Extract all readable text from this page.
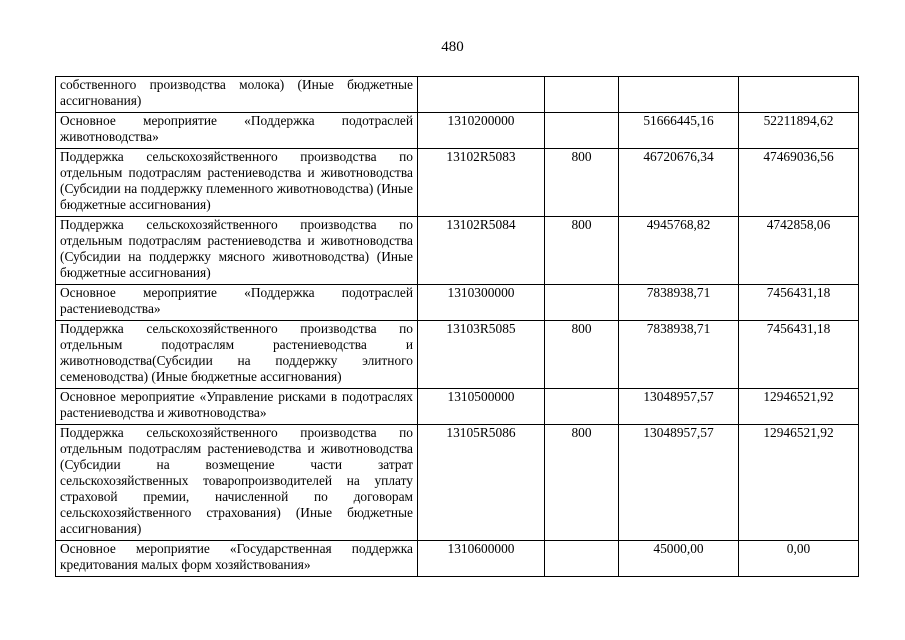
480
собственного производства молока) (Иные бюджетные ассигнования)				
Основное мероприятие «Поддержка подотраслей животноводства»	1310200000		51666445,16	52211894,62
Поддержка сельскохозяйственного производства по отдельным подотраслям растениеводства и животноводства (Субсидии на поддержку племенного животноводства) (Иные бюджетные ассигнования)	13102R5083	800	46720676,34	47469036,56
Поддержка сельскохозяйственного производства по отдельным подотраслям растениеводства и животноводства (Субсидии на поддержку мясного животноводства) (Иные бюджетные ассигнования)	13102R5084	800	4945768,82	4742858,06
Основное мероприятие «Поддержка подотраслей растениеводства»	1310300000		7838938,71	7456431,18
Поддержка сельскохозяйственного производства по отдельным подотраслям растениеводства и животноводства(Субсидии на поддержку элитного семеноводства) (Иные бюджетные ассигнования)	13103R5085	800	7838938,71	7456431,18
Основное мероприятие «Управление рисками в подотраслях растениеводства и животноводства»	1310500000		13048957,57	12946521,92
Поддержка сельскохозяйственного производства по отдельным подотраслям растениеводства и животноводства (Субсидии на возмещение части затрат сельскохозяйственных товаропроизводителей на уплату страховой премии, начисленной по договорам сельскохозяйственного страхования) (Иные бюджетные ассигнования)	13105R5086	800	13048957,57	12946521,92
Основное мероприятие «Государственная поддержка кредитования малых форм хозяйствования»	1310600000		45000,00	0,00
